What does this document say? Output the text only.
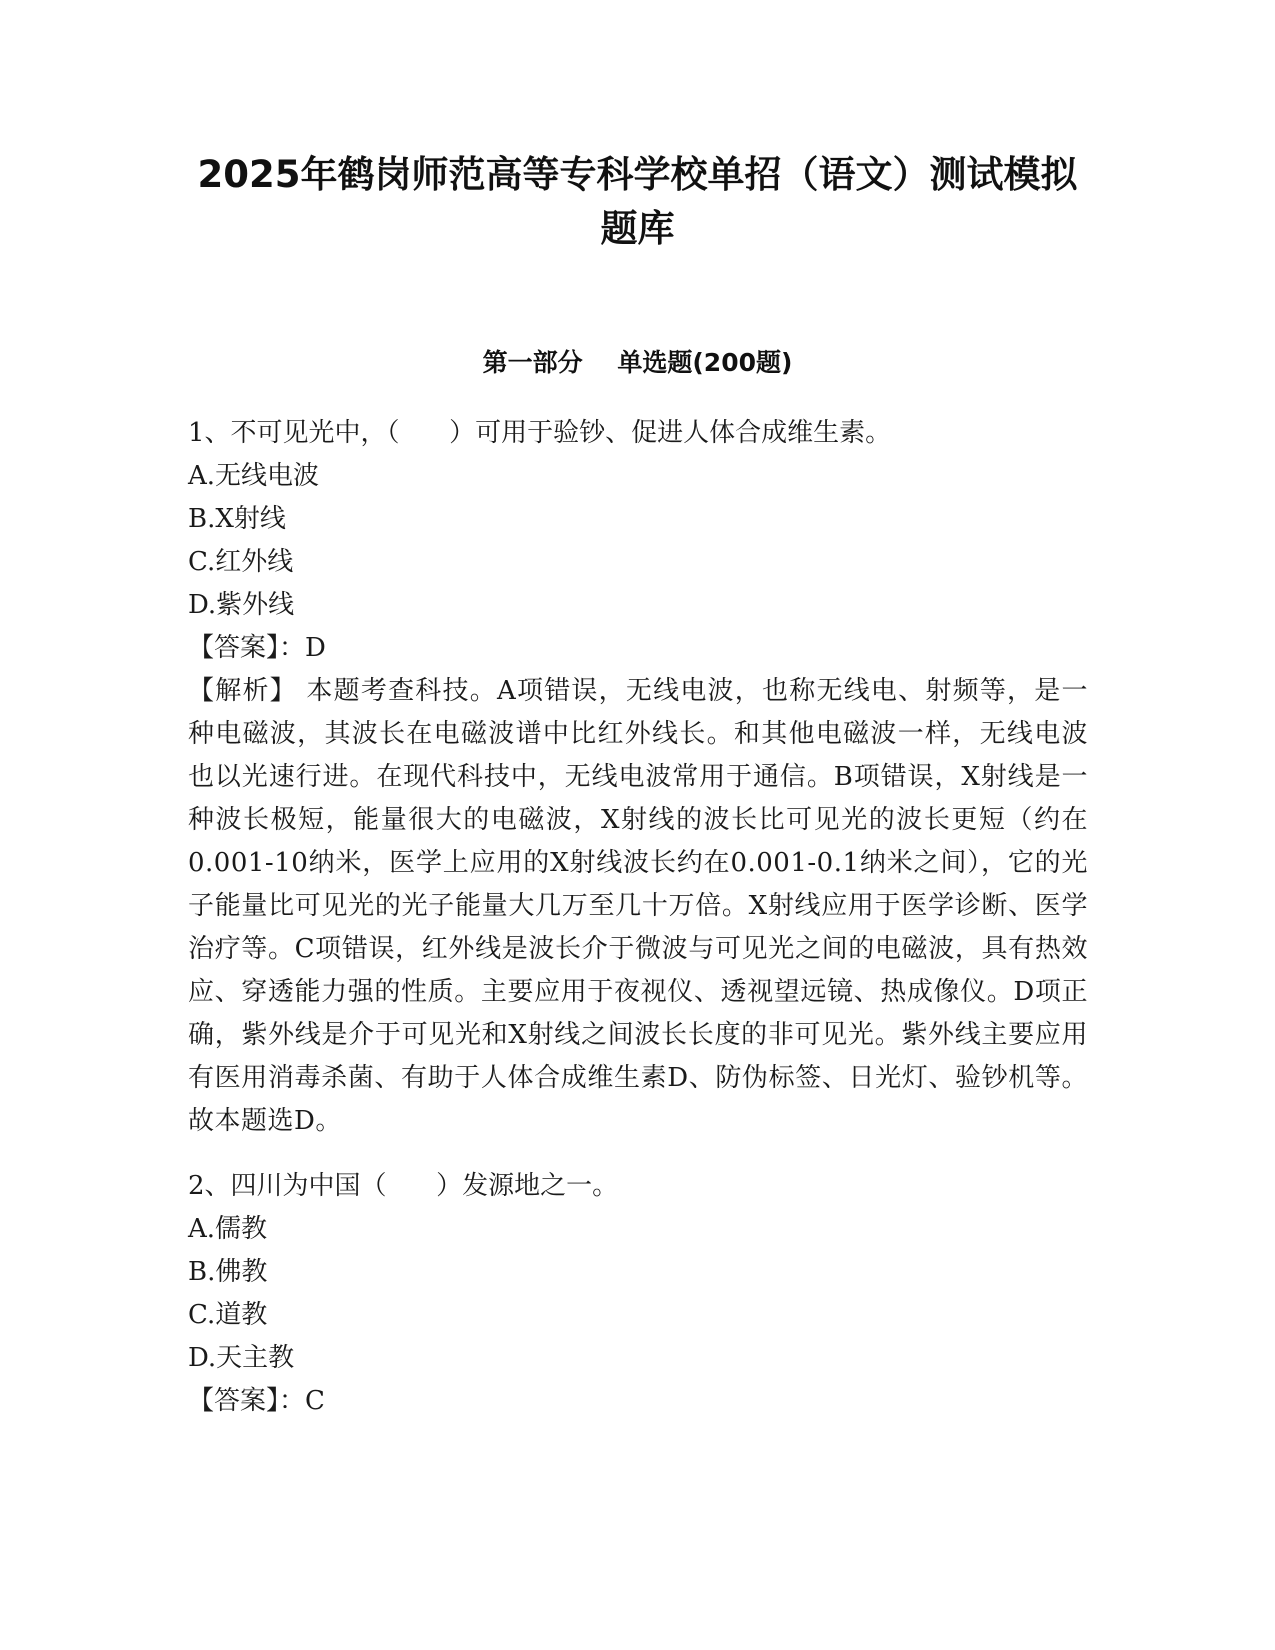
2025年鹤岗师范高等专科学校单招（语文）测试模拟题库
第一部分    单选题(200题)
1、不可见光中，（      ）可用于验钞、促进人体合成维生素。
A.无线电波
B.X射线
C.红外线
D.紫外线
【答案】：D
【解析】 本题考查科技。A项错误，无线电波，也称无线电、射频等，是一种电磁波，其波长在电磁波谱中比红外线长。和其他电磁波一样，无线电波也以光速行进。在现代科技中，无线电波常用于通信。B项错误，X射线是一种波长极短，能量很大的电磁波，X射线的波长比可见光的波长更短（约在0.001-10纳米，医学上应用的X射线波长约在0.001-0.1纳米之间），它的光子能量比可见光的光子能量大几万至几十万倍。X射线应用于医学诊断、医学治疗等。C项错误，红外线是波长介于微波与可见光之间的电磁波，具有热效应、穿透能力强的性质。主要应用于夜视仪、透视望远镜、热成像仪。D项正确，紫外线是介于可见光和X射线之间波长长度的非可见光。紫外线主要应用有医用消毒杀菌、有助于人体合成维生素D、防伪标签、日光灯、验钞机等。故本题选D。
2、四川为中国（      ）发源地之一。
A.儒教
B.佛教
C.道教
D.天主教
【答案】：C
